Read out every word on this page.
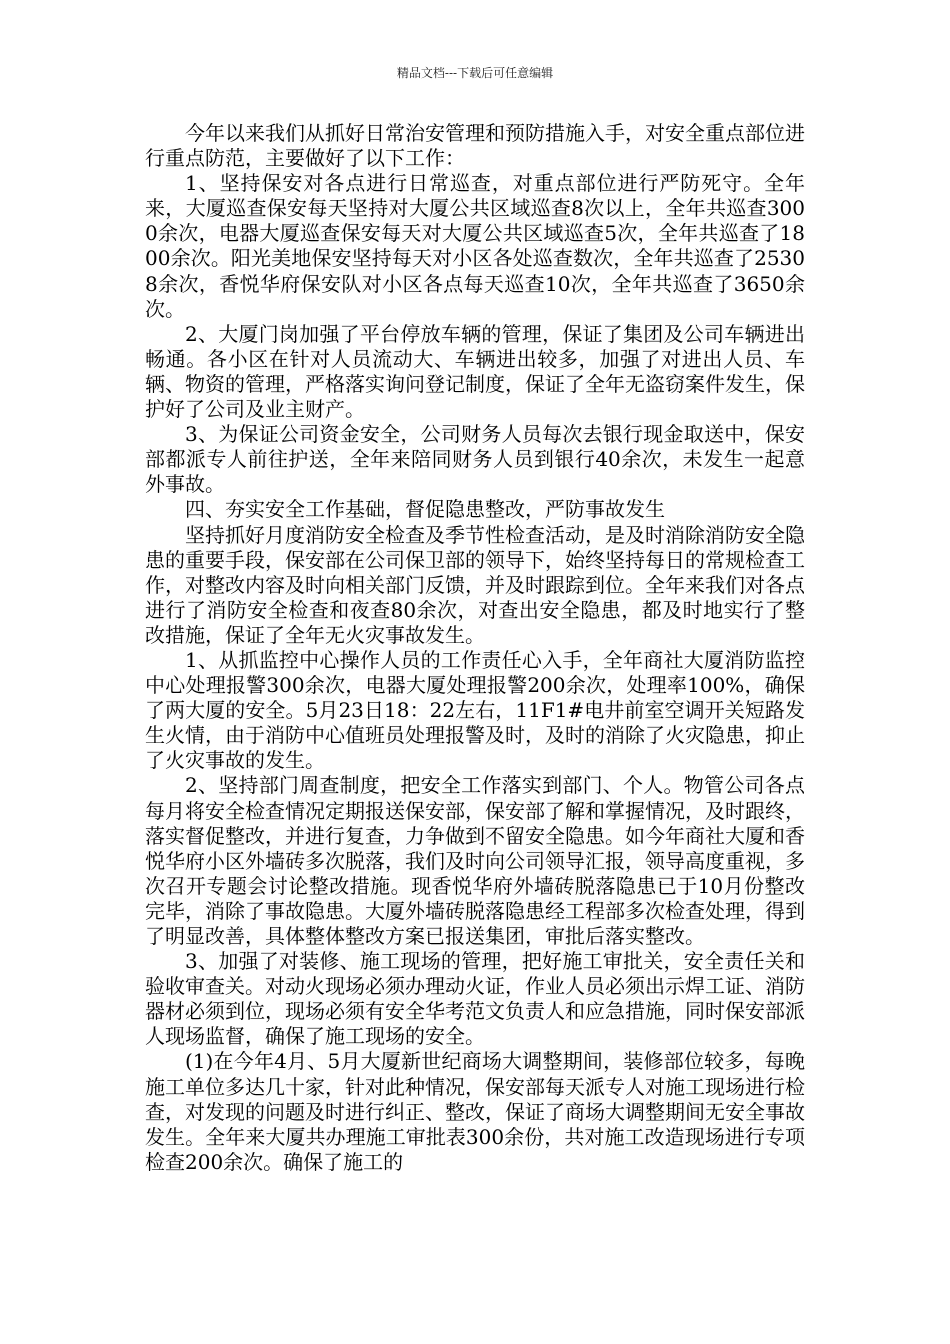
精品文档---下载后可任意编辑

今年以来我们从抓好日常治安管理和预防措施入手，对安全重点部位进行重点防范，主要做好了以下工作：

1、坚持保安对各点进行日常巡查，对重点部位进行严防死守。全年来，大厦巡查保安每天坚持对大厦公共区域巡查8次以上，全年共巡查3000余次，电器大厦巡查保安每天对大厦公共区域巡查5次，全年共巡查了1800余次。阳光美地保安坚持每天对小区各处巡查数次，全年共巡查了25308余次，香悦华府保安队对小区各点每天巡查10次，全年共巡查了3650余次。

2、大厦门岗加强了平台停放车辆的管理，保证了集团及公司车辆进出畅通。各小区在针对人员流动大、车辆进出较多，加强了对进出人员、车辆、物资的管理，严格落实询问登记制度，保证了全年无盗窃案件发生，保护好了公司及业主财产。

3、为保证公司资金安全，公司财务人员每次去银行现金取送中，保安部都派专人前往护送，全年来陪同财务人员到银行40余次，未发生一起意外事故。

四、夯实安全工作基础，督促隐患整改，严防事故发生

坚持抓好月度消防安全检查及季节性检查活动，是及时消除消防安全隐患的重要手段，保安部在公司保卫部的领导下，始终坚持每日的常规检查工作，对整改内容及时向相关部门反馈，并及时跟踪到位。全年来我们对各点进行了消防安全检查和夜查80余次，对查出安全隐患，都及时地实行了整改措施，保证了全年无火灾事故发生。

1、从抓监控中心操作人员的工作责任心入手，全年商社大厦消防监控中心处理报警300余次，电器大厦处理报警200余次，处理率100%，确保了两大厦的安全。5月23日18：22左右，11F1#电井前室空调开关短路发生火情，由于消防中心值班员处理报警及时，及时的消除了火灾隐患，抑止了火灾事故的发生。

2、坚持部门周查制度，把安全工作落实到部门、个人。物管公司各点每月将安全检查情况定期报送保安部，保安部了解和掌握情况，及时跟终，落实督促整改，并进行复查，力争做到不留安全隐患。如今年商社大厦和香悦华府小区外墙砖多次脱落，我们及时向公司领导汇报，领导高度重视，多次召开专题会讨论整改措施。现香悦华府外墙砖脱落隐患已于10月份整改完毕，消除了事故隐患。大厦外墙砖脱落隐患经工程部多次检查处理，得到了明显改善，具体整体整改方案已报送集团，审批后落实整改。

3、加强了对装修、施工现场的管理，把好施工审批关，安全责任关和验收审查关。对动火现场必须办理动火证，作业人员必须出示焊工证、消防器材必须到位，现场必须有安全华考范文负责人和应急措施，同时保安部派人现场监督，确保了施工现场的安全。

(1)在今年4月、5月大厦新世纪商场大调整期间，装修部位较多，每晚施工单位多达几十家，针对此种情况，保安部每天派专人对施工现场进行检查，对发现的问题及时进行纠正、整改，保证了商场大调整期间无安全事故发生。全年来大厦共办理施工审批表300余份，共对施工改造现场进行专项检查200余次。确保了施工的
